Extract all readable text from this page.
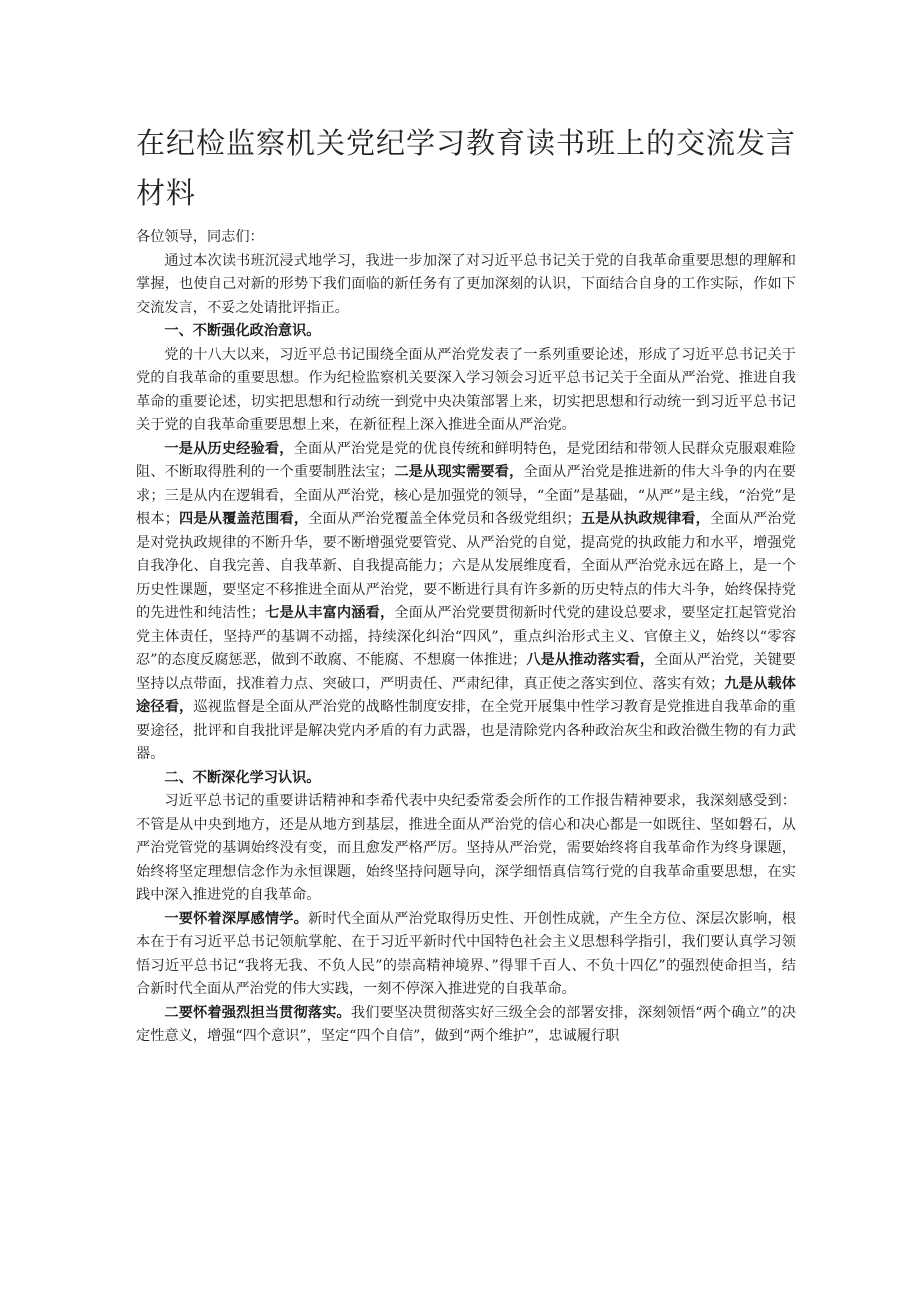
在纪检监察机关党纪学习教育读书班上的交流发言材料

各位领导，同志们：

通过本次读书班沉浸式地学习，我进一步加深了对习近平总书记关于党的自我革命重要思想的理解和掌握，也使自己对新的形势下我们面临的新任务有了更加深刻的认识，下面结合自身的工作实际，作如下交流发言，不妥之处请批评指正。

一、不断强化政治意识。

党的十八大以来，习近平总书记围绕全面从严治党发表了一系列重要论述，形成了习近平总书记关于党的自我革命的重要思想。作为纪检监察机关要深入学习领会习近平总书记关于全面从严治党、推进自我革命的重要论述，切实把思想和行动统一到党中央决策部署上来，切实把思想和行动统一到习近平总书记关于党的自我革命重要思想上来，在新征程上深入推进全面从严治党。

一是从历史经验看，全面从严治党是党的优良传统和鲜明特色，是党团结和带领人民群众克服艰难险阻、不断取得胜利的一个重要制胜法宝；二是从现实需要看，全面从严治党是推进新的伟大斗争的内在要求；三是从内在逻辑看，全面从严治党，核心是加强党的领导，“全面”是基础，“从严”是主线，“治党”是根本；四是从覆盖范围看，全面从严治党覆盖全体党员和各级党组织；五是从执政规律看，全面从严治党是对党执政规律的不断升华，要不断增强党要管党、从严治党的自觉，提高党的执政能力和水平，增强党自我净化、自我完善、自我革新、自我提高能力；六是从发展维度看，全面从严治党永远在路上，是一个历史性课题，要坚定不移推进全面从严治党，要不断进行具有许多新的历史特点的伟大斗争，始终保持党的先进性和纯洁性；七是从丰富内涵看，全面从严治党要贯彻新时代党的建设总要求，要坚定扛起管党治党主体责任，坚持严的基调不动摇，持续深化纠治“四风”，重点纠治形式主义、官僚主义，始终以“零容忍”的态度反腐惩恶，做到不敢腐、不能腐、不想腐一体推进；八是从推动落实看，全面从严治党，关键要坚持以点带面，找准着力点、突破口，严明责任、严肃纪律，真正使之落实到位、落实有效；九是从载体途径看，巡视监督是全面从严治党的战略性制度安排，在全党开展集中性学习教育是党推进自我革命的重要途径，批评和自我批评是解决党内矛盾的有力武器，也是清除党内各种政治灰尘和政治微生物的有力武器。

二、不断深化学习认识。

习近平总书记的重要讲话精神和李希代表中央纪委常委会所作的工作报告精神要求，我深刻感受到：不管是从中央到地方，还是从地方到基层，推进全面从严治党的信心和决心都是一如既往、坚如磐石，从严治党管党的基调始终没有变，而且愈发严格严厉。坚持从严治党，需要始终将自我革命作为终身课题，始终将坚定理想信念作为永恒课题，始终坚持问题导向，深学细悟真信笃行党的自我革命重要思想，在实践中深入推进党的自我革命。

一要怀着深厚感情学。新时代全面从严治党取得历史性、开创性成就，产生全方位、深层次影响，根本在于有习近平总书记领航掌舵、在于习近平新时代中国特色社会主义思想科学指引，我们要认真学习领悟习近平总书记“我将无我、不负人民”的崇高精神境界、”得罪千百人、不负十四亿”的强烈使命担当，结合新时代全面从严治党的伟大实践，一刻不停深入推进党的自我革命。

二要怀着强烈担当贯彻落实。我们要坚决贯彻落实好三级全会的部署安排，深刻领悟“两个确立”的决定性意义，增强“四个意识”，坚定“四个自信”，做到“两个维护”，忠诚履行职
